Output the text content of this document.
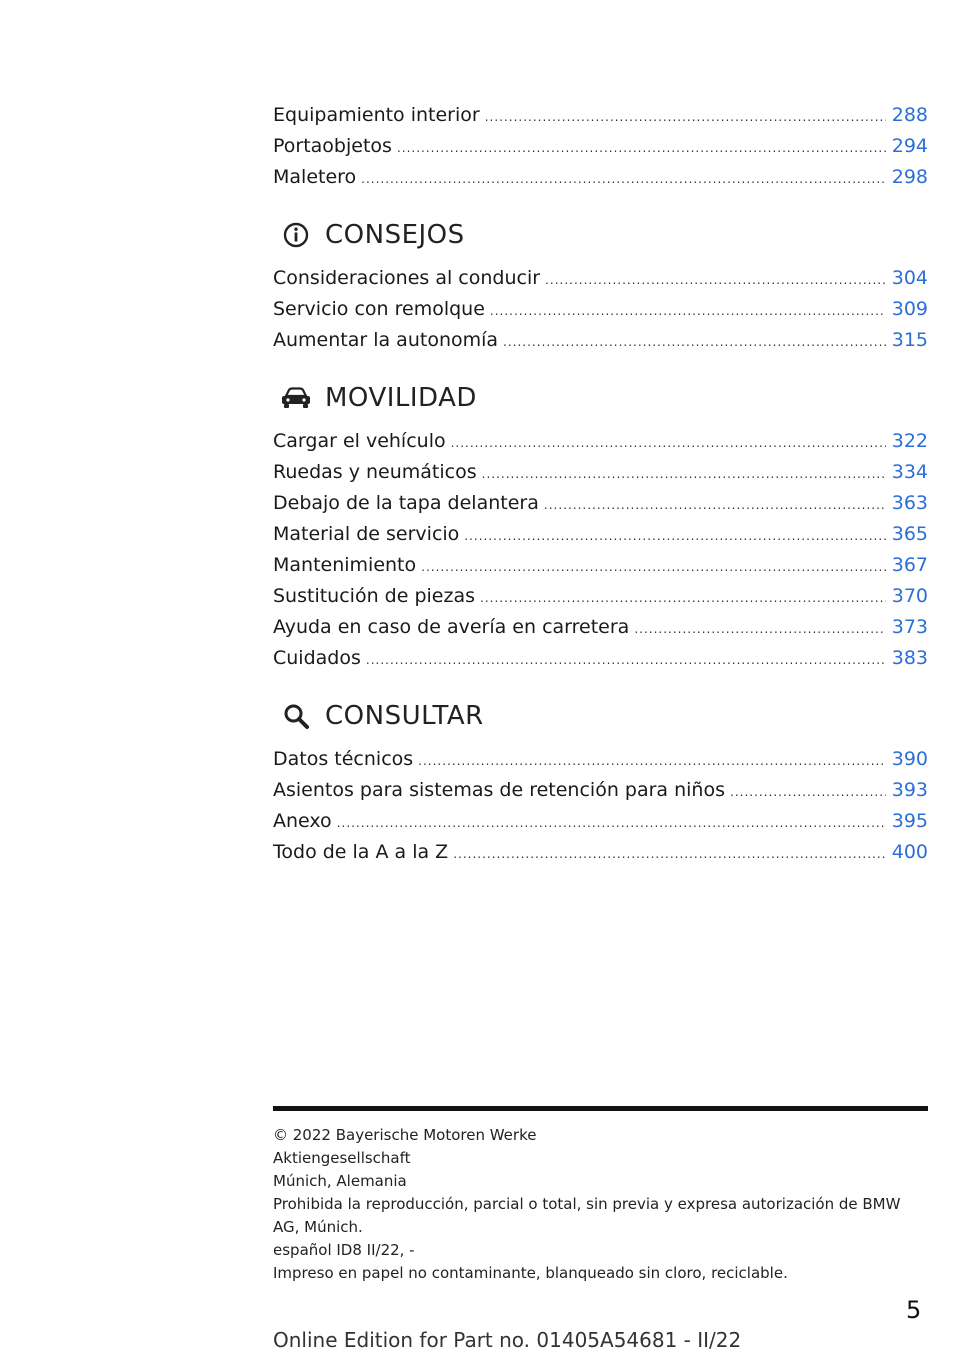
Equipamiento interior .....	288
Portaobjetos .....	294
Maletero .....	298
CONSEJOS
Consideraciones al conducir .....	304
Servicio con remolque .....	309
Aumentar la autonomía .....	315
MOVILIDAD
Cargar el vehículo .....	322
Ruedas y neumáticos .....	334
Debajo de la tapa delantera .....	363
Material de servicio .....	365
Mantenimiento .....	367
Sustitución de piezas .....	370
Ayuda en caso de avería en carretera .....	373
Cuidados .....	383
CONSULTAR
Datos técnicos .....	390
Asientos para sistemas de retención para niños .....	393
Anexo .....	395
Todo de la A a la Z .....	400
© 2022 Bayerische Motoren Werke
Aktiengesellschaft
Múnich, Alemania
Prohibida la reproducción, parcial o total, sin previa y expresa autorización de BMW AG, Múnich.
español ID8 II/22, -
Impreso en papel no contaminante, blanqueado sin cloro, reciclable.
5
Online Edition for Part no. 01405A54681 - II/22
